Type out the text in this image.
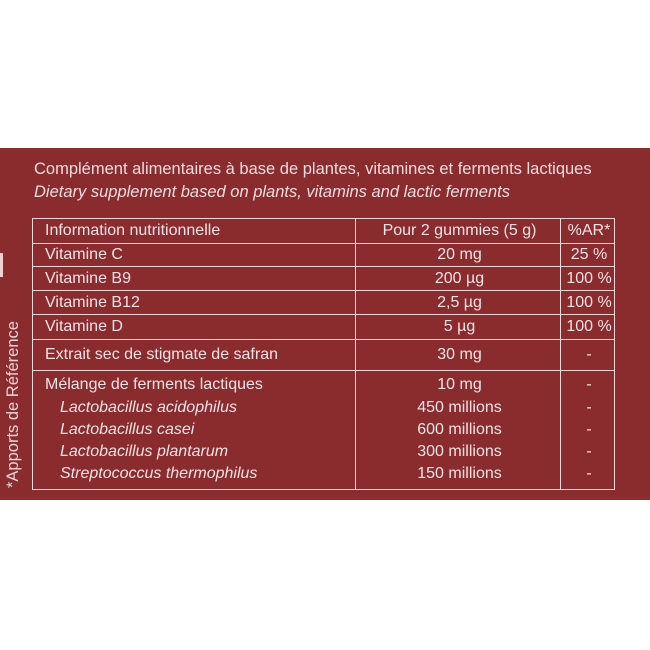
*Apports de Référence
Complément alimentaires à base de plantes, vitamines et ferments lactiques
Dietary supplement based on plants, vitamins and lactic ferments
Information nutritionnelle	Pour 2 gummies (5 g)	%AR*
Vitamine C	20 mg	25 %
Vitamine B9	200 µg	100 %
Vitamine B12	2,5 µg	100 %
Vitamine D	5 µg	100 %
Extrait sec de stigmate de safran	30 mg	-
Mélange de ferments lactiques	10 mg	-
Lactobacillus acidophilus	450 millions	-
Lactobacillus casei	600 millions	-
Lactobacillus plantarum	300 millions	-
Streptococcus thermophilus	150 millions	-
